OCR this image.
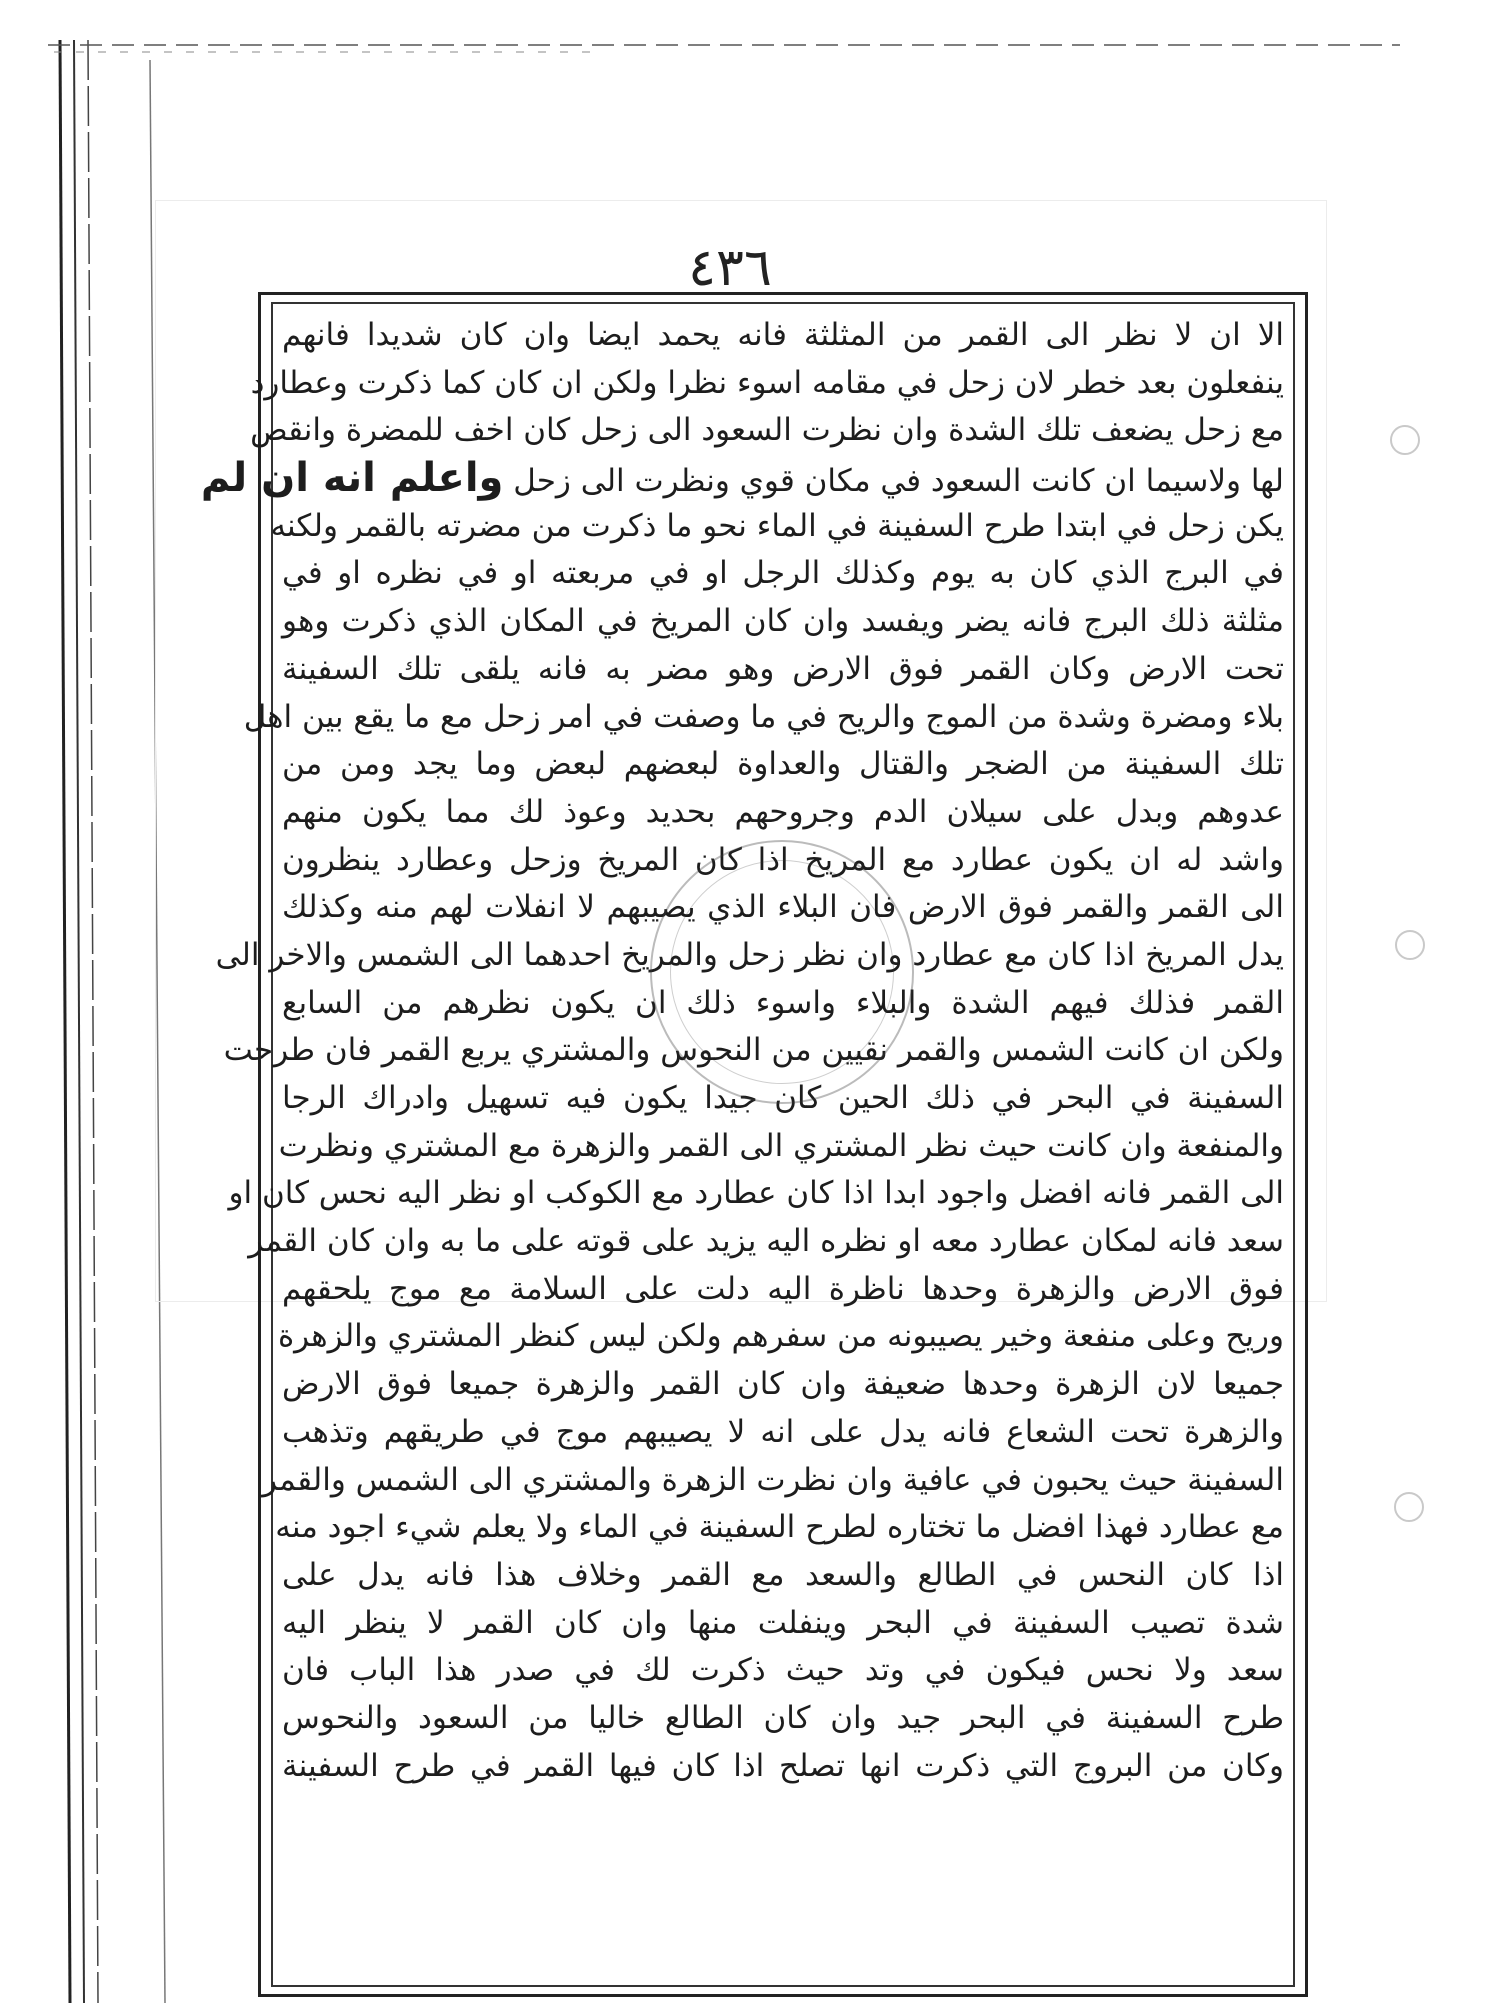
٤٣٦
الا ان لا نظر الى القمر من المثلثة فانه يحمد ايضا وان كان شديدا فانهم
ينفعلون بعد خطر لان زحل في مقامه اسوء نظرا ولكن ان كان كما ذكرت وعطارد
مع زحل يضعف تلك الشدة وان نظرت السعود الى زحل كان اخف للمضرة وانقص
لها ولاسيما ان كانت السعود في مكان قوي ونظرت الى زحل واعلم انه ان لم
يكن زحل في ابتدا طرح السفينة في الماء نحو ما ذكرت من مضرته بالقمر ولكنه
في البرج الذي كان به يوم وكذلك الرجل او في مربعته او في نظره او في
مثلثة ذلك البرج فانه يضر ويفسد وان كان المريخ في المكان الذي ذكرت وهو
تحت الارض وكان القمر فوق الارض وهو مضر به فانه يلقى تلك السفينة
بلاء ومضرة وشدة من الموج والريح في ما وصفت في امر زحل مع ما يقع بين اهل
تلك السفينة من الضجر والقتال والعداوة لبعضهم لبعض وما يجد ومن من
عدوهم وبدل على سيلان الدم وجروحهم بحديد وعوذ لك مما يكون منهم
واشد له ان يكون عطارد مع المريخ اذا كان المريخ وزحل وعطارد ينظرون
الى القمر والقمر فوق الارض فان البلاء الذي يصيبهم لا انفلات لهم منه وكذلك
يدل المريخ اذا كان مع عطارد وان نظر زحل والمريخ احدهما الى الشمس والاخر الى
القمر فذلك فيهم الشدة والبلاء واسوء ذلك ان يكون نظرهم من السابع
ولكن ان كانت الشمس والقمر نقيين من النحوس والمشتري يربع القمر فان طرحت
السفينة في البحر في ذلك الحين كان جيدا يكون فيه تسهيل وادراك الرجا
والمنفعة وان كانت حيث نظر المشتري الى القمر والزهرة مع المشتري ونظرت
الى القمر فانه افضل واجود ابدا اذا كان عطارد مع الكوكب او نظر اليه نحس كان او
سعد فانه لمكان عطارد معه او نظره اليه يزيد على قوته على ما به وان كان القمر
فوق الارض والزهرة وحدها ناظرة اليه دلت على السلامة مع موج يلحقهم
وريح وعلى منفعة وخير يصيبونه من سفرهم ولكن ليس كنظر المشتري والزهرة
جميعا لان الزهرة وحدها ضعيفة وان كان القمر والزهرة جميعا فوق الارض
والزهرة تحت الشعاع فانه يدل على انه لا يصيبهم موج في طريقهم وتذهب
السفينة حيث يحبون في عافية وان نظرت الزهرة والمشتري الى الشمس والقمر
مع عطارد فهذا افضل ما تختاره لطرح السفينة في الماء ولا يعلم شيء اجود منه
اذا كان النحس في الطالع والسعد مع القمر وخلاف هذا فانه يدل على
شدة تصيب السفينة في البحر وينفلت منها وان كان القمر لا ينظر اليه
سعد ولا نحس فيكون في وتد حيث ذكرت لك في صدر هذا الباب فان
طرح السفينة في البحر جيد وان كان الطالع خاليا من السعود والنحوس
وكان من البروج التي ذكرت انها تصلح اذا كان فيها القمر في طرح السفينة
